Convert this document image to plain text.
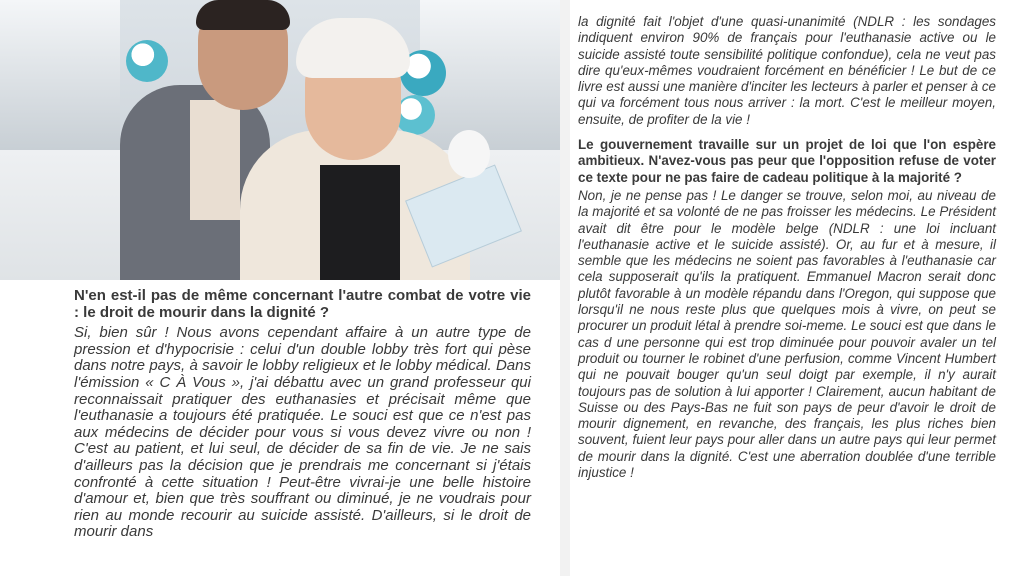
N'en est-il pas de même concernant l'autre combat de votre vie : le droit de mourir dans la dignité ?

Si, bien sûr ! Nous avons cependant affaire à un autre type de pression et d'hypocrisie : celui d'un double lobby très fort qui pèse dans notre pays, à savoir le lobby religieux et le lobby médical. Dans l'émission « C À Vous », j'ai débattu avec un grand professeur qui reconnaissait pratiquer des euthanasies et précisait même que l'euthanasie a toujours été pratiquée. Le souci est que ce n'est pas aux médecins de décider pour vous si vous devez vivre ou non ! C'est au patient, et lui seul, de décider de sa fin de vie. Je ne sais d'ailleurs pas la décision que je prendrais me concernant si j'étais confronté à cette situation ! Peut-être vivrai-je une belle histoire d'amour et, bien que très souffrant ou diminué, je ne voudrais pour rien au monde recourir au suicide assisté. D'ailleurs, si le droit de mourir dans

la dignité fait l'objet d'une quasi-unanimité (NDLR : les sondages indiquent environ 90% de français pour l'euthanasie active ou le suicide assisté toute sensibilité politique confondue), cela ne veut pas dire qu'eux-mêmes voudraient forcément en bénéficier ! Le but de ce livre est aussi une manière d'inciter les lecteurs à parler et penser à ce qui va forcément tous nous arriver : la mort. C'est le meilleur moyen, ensuite, de profiter de la vie !

Le gouvernement travaille sur un projet de loi que l'on espère ambitieux. N'avez-vous pas peur que l'opposition refuse de voter ce texte pour ne pas faire de cadeau politique à la majorité ?

Non, je ne pense pas ! Le danger se trouve, selon moi, au niveau de la majorité et sa volonté de ne pas froisser les médecins. Le Président avait dit être pour le modèle belge (NDLR : une loi incluant l'euthanasie active et le suicide assisté). Or, au fur et à mesure, il semble que les médecins ne soient pas favorables à l'euthanasie car cela supposerait qu'ils la pratiquent. Emmanuel Macron serait donc plutôt favorable à un modèle répandu dans l'Oregon, qui suppose que lorsqu'il ne nous reste plus que quelques mois à vivre, on peut se procurer un produit létal à prendre soi-meme. Le souci est que dans le cas d une personne qui est trop diminuée pour pouvoir avaler un tel produit ou tourner le robinet d'une perfusion, comme Vincent Humbert qui ne pouvait bouger qu'un seul doigt par exemple, il n'y aurait toujours pas de solution à lui apporter ! Clairement, aucun habitant de Suisse ou des Pays-Bas ne fuit son pays de peur d'avoir le droit de mourir dignement, en revanche, des français, les plus riches bien souvent, fuient leur pays pour aller dans un autre pays qui leur permet de mourir dans la dignité. C'est une aberration doublée d'une terrible injustice !
